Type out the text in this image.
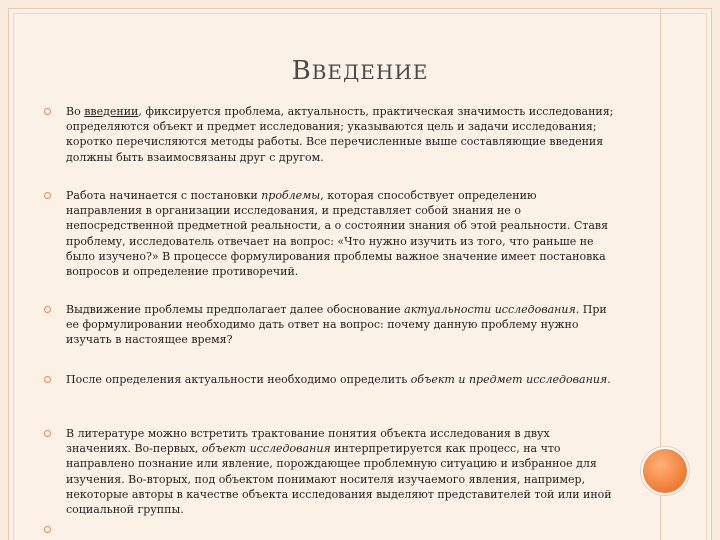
ВВЕДЕНИЕ
Во введении, фиксируется проблема, актуальность, практическая значимость исследования; определяются объект и предмет исследования; указываются цель и задачи исследования; коротко перечисляются методы работы. Все перечисленные выше составляющие введения должны быть взаимосвязаны друг с другом.
Работа начинается с постановки проблемы, которая способствует определению направления в организации исследования, и представляет собой знания не о непосредственной предметной реальности, а о состоянии знания об этой реальности. Ставя проблему, исследователь отвечает на вопрос: «Что нужно изучить из того, что раньше не было изучено?» В процессе формулирования проблемы важное значение имеет постановка вопросов и определение противоречий.
Выдвижение проблемы предполагает далее обоснование актуальности исследования. При ее формулировании необходимо дать ответ на вопрос: почему данную проблему нужно изучать в настоящее время?
После определения актуальности необходимо определить объект и предмет исследования.
В литературе можно встретить трактование понятия объекта исследования в двух значениях. Во-первых, объект исследования интерпретируется как процесс, на что направлено познание или явление, порождающее проблемную ситуацию и избранное для изучения. Во-вторых, под объектом понимают носителя изучаемого явления, например, некоторые авторы в качестве объекта исследования выделяют представителей той или иной социальной группы.
